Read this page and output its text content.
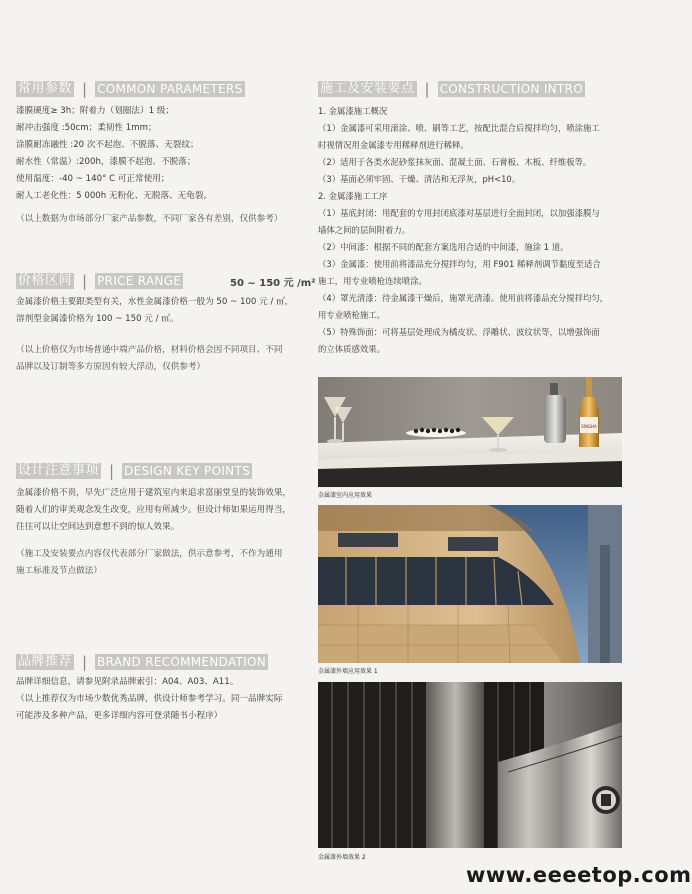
常用参数 | COMMON PARAMETERS

漆膜硬度≥ 3h；附着力（划圈法）1 级；

耐冲击强度 :50cm；柔韧性 1mm；

涂膜耐冻融性 :20 次不起泡、不脱落、无裂纹；

耐水性（常温）:200h，漆膜不起泡、不脱落；

使用温度：-40 ~ 140° C 可正常使用；

耐人工老化性：5 000h 无粉化、无脱落、无龟裂。

（以上数据为市场部分厂家产品参数，不同厂家各有差别，仅供参考）

价格区间 | PRICE RANGE	50 ~ 150 元 /m²

金属漆价格主要跟类型有关，水性金属漆价格一般为 50 ~ 100 元 / ㎡，

溶剂型金属漆价格为 100 ~ 150 元 / ㎡。

（以上价格仅为市场普通中端产品价格，材料价格会因不同项目、不同

品牌以及订制等多方原因有较大浮动，仅供参考）

设计注意事项 | DESIGN KEY POINTS

金属漆价格不贵，早先广泛应用于建筑室内来追求富丽堂皇的装饰效果，

随着人们的审美观念发生改变，应用有所减少。但设计师如果运用得当，

往往可以让空间达到意想不到的惊人效果。

（施工及安装要点内容仅代表部分厂家做法，供示意参考，不作为通用

施工标准及节点做法）

品牌推荐 | BRAND RECOMMENDATION

品牌详细信息，请参见附录品牌索引：A04、A03、A11。

（以上推荐仅为市场少数优秀品牌，供设计师参考学习。同一品牌实际

可能涉及多种产品，更多详细内容可登录随书小程序）

施工及安装要点 | CONSTRUCTION INTRO

1. 金属漆施工概况

（1）金属漆可采用滚涂、喷、刷等工艺，按配比混合后搅拌均匀，喷涂施工

时视情况用金属漆专用稀释剂进行稀释。

（2）适用于各类水泥砂浆抹灰面、混凝土面、石膏板、木板、纤维板等。

（3）基面必须牢固、干燥、清洁和无浮灰，pH<10。

2. 金属漆施工工序

（1）基底封闭：用配套的专用封闭底漆对基层进行全面封闭，以加强漆膜与

墙体之间的层间附着力。

（2）中间漆：根据不同的配套方案选用合适的中间漆，施涂 1 道。

（3）金属漆：使用前将漆品充分搅拌均匀，用 F901 稀释剂调节黏度至适合

施工，用专业喷枪连续喷涂。

（4）罩光清漆：待金属漆干燥后，施罩光清漆。使用前将漆品充分搅拌均匀，

用专业喷枪施工。

（5）特殊饰面：可将基层处理成为橘皮状、浮雕状、波纹状等，以增强饰面

的立体质感效果。

SINGHA
金属漆室内应用效果
金属漆外墙应用效果 1
金属漆外墙效果 2
www.eeeetop.com
